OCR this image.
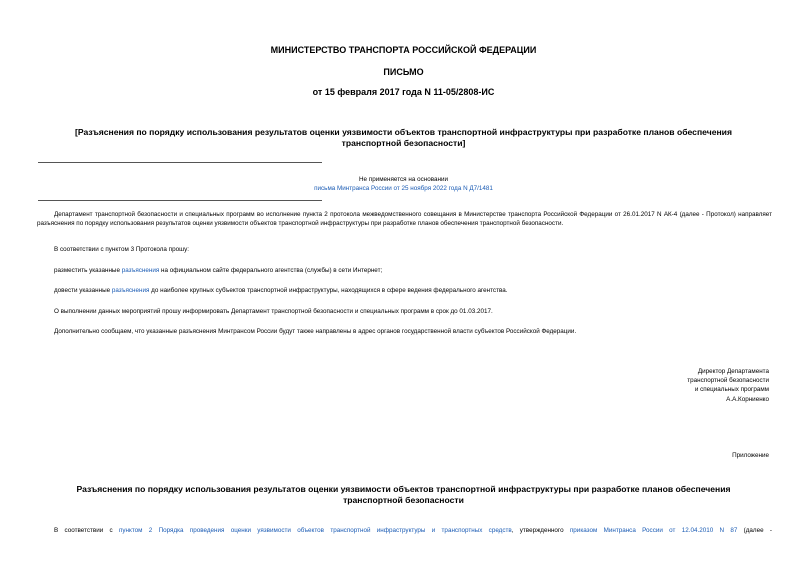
МИНИСТЕРСТВО ТРАНСПОРТА РОССИЙСКОЙ ФЕДЕРАЦИИ
ПИСЬМО
от 15 февраля 2017 года N 11-05/2808-ИС
[Разъяснения по порядку использования результатов оценки уязвимости объектов транспортной инфраструктуры при разработке планов обеспечения
транспортной безопасности]
Не применяется на основании
письма Минтранса России от 25 ноября 2022 года N Д7/1481
Департамент транспортной безопасности и специальных программ во исполнение пункта 2 протокола межведомственного совещания в Министерстве транспорта Российской Федерации от 26.01.2017 N АК-4 (далее - Протокол) направляет разъяснения по порядку использования результатов оценки уязвимости объектов транспортной инфраструктуры при разработке планов обеспечения транспортной безопасности.
В соответствии с пунктом 3 Протокола прошу:
разместить указанные разъяснения на официальном сайте федерального агентства (службы) в сети Интернет;
довести указанные разъяснения до наиболее крупных субъектов транспортной инфраструктуры, находящихся в сфере ведения федерального агентства.
О выполнении данных мероприятий прошу информировать Департамент транспортной безопасности и специальных программ в срок до 01.03.2017.
Дополнительно сообщаем, что указанные разъяснения Минтрансом России будут также направлены в адрес органов государственной власти субъектов Российской Федерации.
Директор Департамента
транспортной безопасности
и специальных программ
А.А.Корниенко
Приложение
Разъяснения по порядку использования результатов оценки уязвимости объектов транспортной инфраструктуры при разработке планов обеспечения
транспортной безопасности
В соответствии с пунктом 2 Порядка проведения оценки уязвимости объектов транспортной инфраструктуры и транспортных средств, утвержденного приказом Минтранса России от 12.04.2010 N 87 (далее -
